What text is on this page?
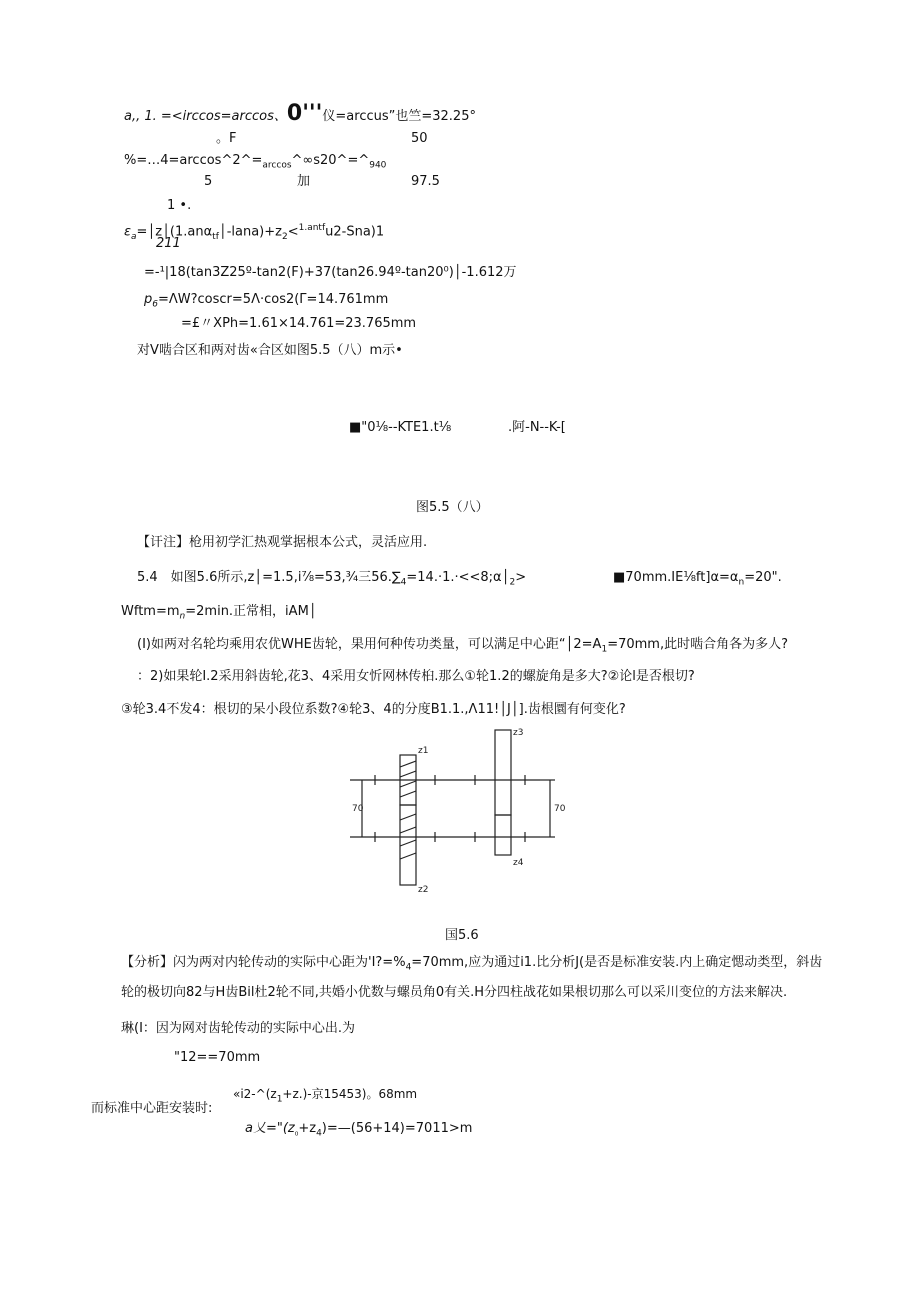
a,, 1. =<irccos=arccos、0'''仪=arccus”也竺=32.25°
。F	50
$\%=\dots 4=\arccos\^{}2\^{}=_{arccos}\^{}\infty s20\^{}=\^{}_{940}$
5	加	97.5
1 •.
$\varepsilon_a=│z│(1.an\alpha_{tf}│-lana)+z_2<^{1.antf}u2-Sna)1$
211
=-¹|18(tan3Z25º-tan2(F)+37(tan26.94º-tan20⁰)│-1.612万
$p_6=\Lambda W?coscr=5\Lambda\cdot\cos 2(\Gamma=14.761mm$
=£〃XPh=1.61×14.761=23.765mm
对Ⅴ啮合区和两对齿«合区如图5.5（八）m示•
■"0⅛--KTE1.t⅛	.阿-N--K-[
图5.5（八）
【讦注】枪用初学汇热观掌据根本公式，灵活应用.
5.4　如图5.6所示,z│=1.5,i⅞=53,¾三$56.\sum_4=14.\cdot 1.\cdot<<8;\alpha│_2>$	$■70mm.IE\frac{1}{8}ft]\alpha=\alpha_n=20$".
$Wftm=m_n=2\min$.正常相，iAM│
(I)如两对名轮均乘用农优WHE齿轮，果用何种传功类量，可以满足中心距“$│2=A_1=70mm$,此时啮合角各为多人?
：2)如果轮I.2采用斜齿轮,花3、4采用女忻网林传桕.那么①轮1.2的螺旋角是多大?②论l是否根切?
③轮3.4不发4：根切的呆小段位系数?④轮3、4的分度B1.1.,Λ11!│J│].齿根圜有何变化?
z1
z2
z3
z4
70	70
国5.6
【分析】闪为两对内轮传动的实际中心距为'$I?=\%_4=70mm$,应为通过i1.比分析J(是否是标准安装.内上确定愢动类型，斜齿
轮的极切向82与H齿Bil杜2轮不同,共婚小优数与螺员角0有关.H分四柱战花如果根切那么可以采川变位的方法来解决.
琳(I：因为网对齿轮传动的实际中心出.为
"12==70mm
«$i2-\^{}(z_1+z.)-$京15453)。68mm
而标准中心距安装时:
a乂$="(z_{_0}+z_4)=—(56+14)=7011>m$
